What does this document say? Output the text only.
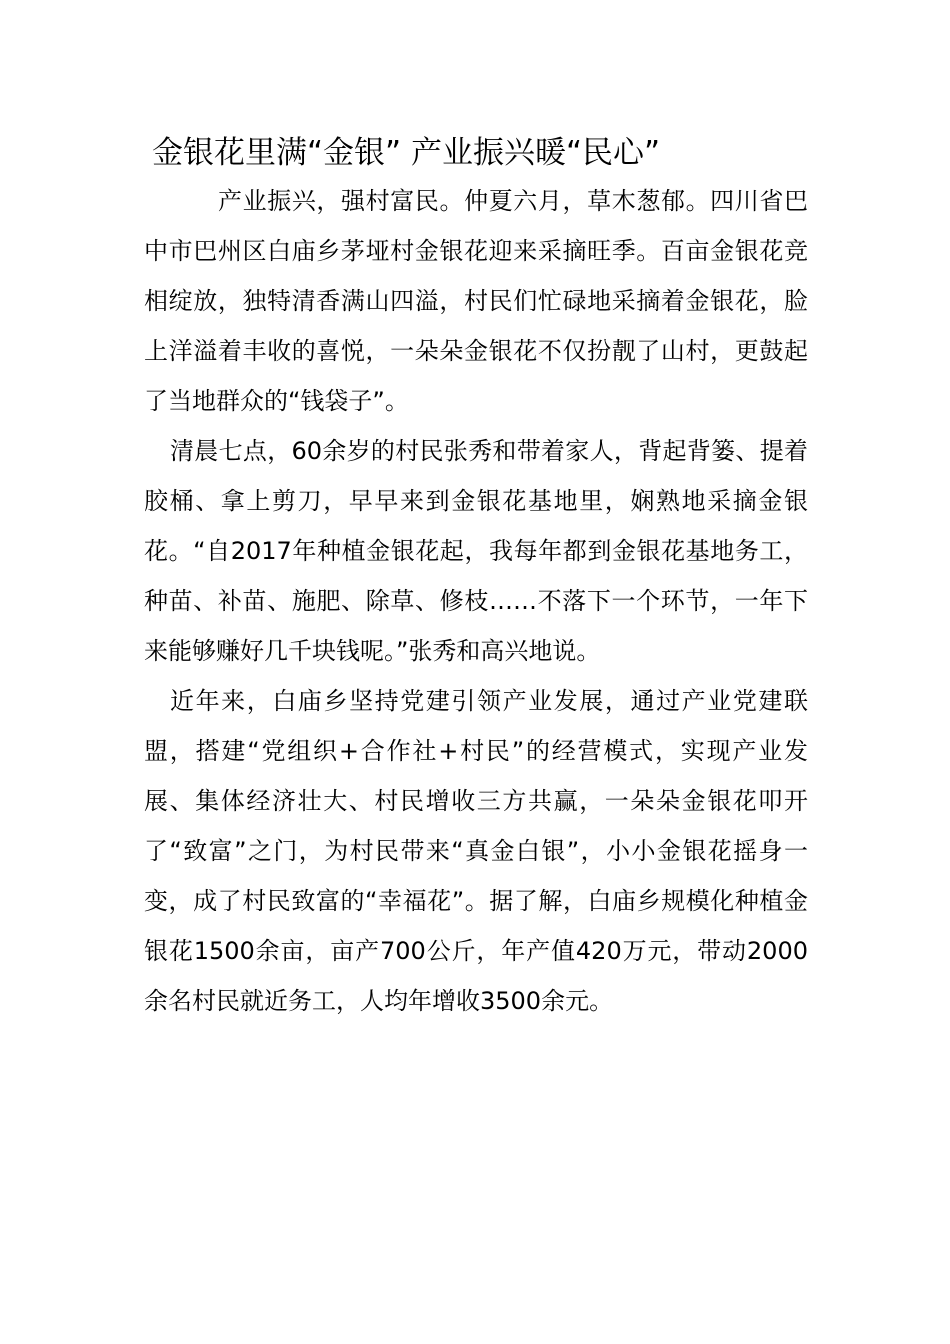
金银花里满“金银” 产业振兴暖“民心”

产业振兴，强村富民。仲夏六月，草木葱郁。四川省巴中市巴州区白庙乡茅垭村金银花迎来采摘旺季。百亩金银花竞相绽放，独特清香满山四溢，村民们忙碌地采摘着金银花，脸上洋溢着丰收的喜悦，一朵朵金银花不仅扮靓了山村，更鼓起了当地群众的“钱袋子”。

清晨七点，60余岁的村民张秀和带着家人，背起背篓、提着胶桶、拿上剪刀，早早来到金银花基地里，娴熟地采摘金银花。“自2017年种植金银花起，我每年都到金银花基地务工，种苗、补苗、施肥、除草、修枝……不落下一个环节，一年下来能够赚好几千块钱呢。”张秀和高兴地说。

近年来，白庙乡坚持党建引领产业发展，通过产业党建联盟，搭建“党组织+合作社+村民”的经营模式，实现产业发展、集体经济壮大、村民增收三方共赢，一朵朵金银花叩开了“致富”之门，为村民带来“真金白银”，小小金银花摇身一变，成了村民致富的“幸福花”。据了解，白庙乡规模化种植金银花1500余亩，亩产700公斤，年产值420万元，带动2000余名村民就近务工，人均年增收3500余元。
